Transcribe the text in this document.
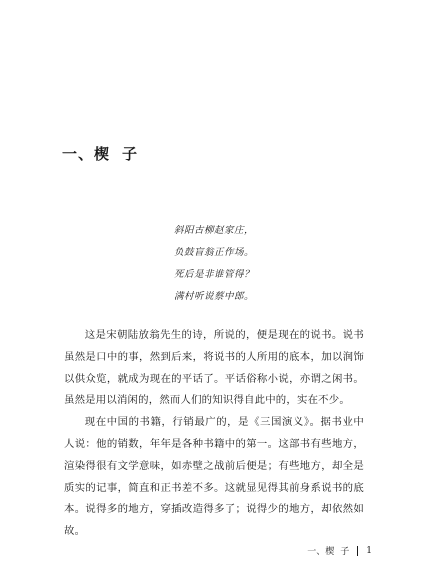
一、楔 子
斜阳古柳赵家庄，
负鼓盲翁正作场。
死后是非谁管得？
满村听说蔡中郎。

这是宋朝陆放翁先生的诗，所说的，便是现在的说书。说书虽然是口中的事，然到后来，将说书的人所用的底本，加以润饰以供众览，就成为现在的平话了。平话俗称小说，亦谓之闲书。虽然是用以消闲的，然而人们的知识得自此中的，实在不少。

现在中国的书籍，行销最广的，是《三国演义》。据书业中人说：他的销数，年年是各种书籍中的第一。这部书有些地方，渲染得很有文学意味，如赤壁之战前后便是；有些地方，却全是质实的记事，简直和正书差不多。这就显见得其前身系说书的底本。说得多的地方，穿插改造得多了；说得少的地方，却依然如故。

一、楔 子 1
